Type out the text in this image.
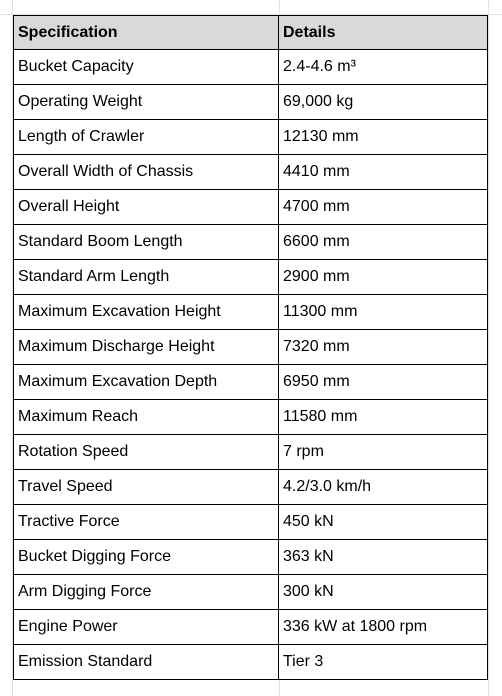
Specification	Details
Bucket Capacity	2.4-4.6 m³
Operating Weight	69,000 kg
Length of Crawler	12130 mm
Overall Width of Chassis	4410 mm
Overall Height	4700 mm
Standard Boom Length	6600 mm
Standard Arm Length	2900 mm
Maximum Excavation Height	11300 mm
Maximum Discharge Height	7320 mm
Maximum Excavation Depth	6950 mm
Maximum Reach	11580 mm
Rotation Speed	7 rpm
Travel Speed	4.2/3.0 km/h
Tractive Force	450 kN
Bucket Digging Force	363 kN
Arm Digging Force	300 kN
Engine Power	336 kW at 1800 rpm
Emission Standard	Tier 3
